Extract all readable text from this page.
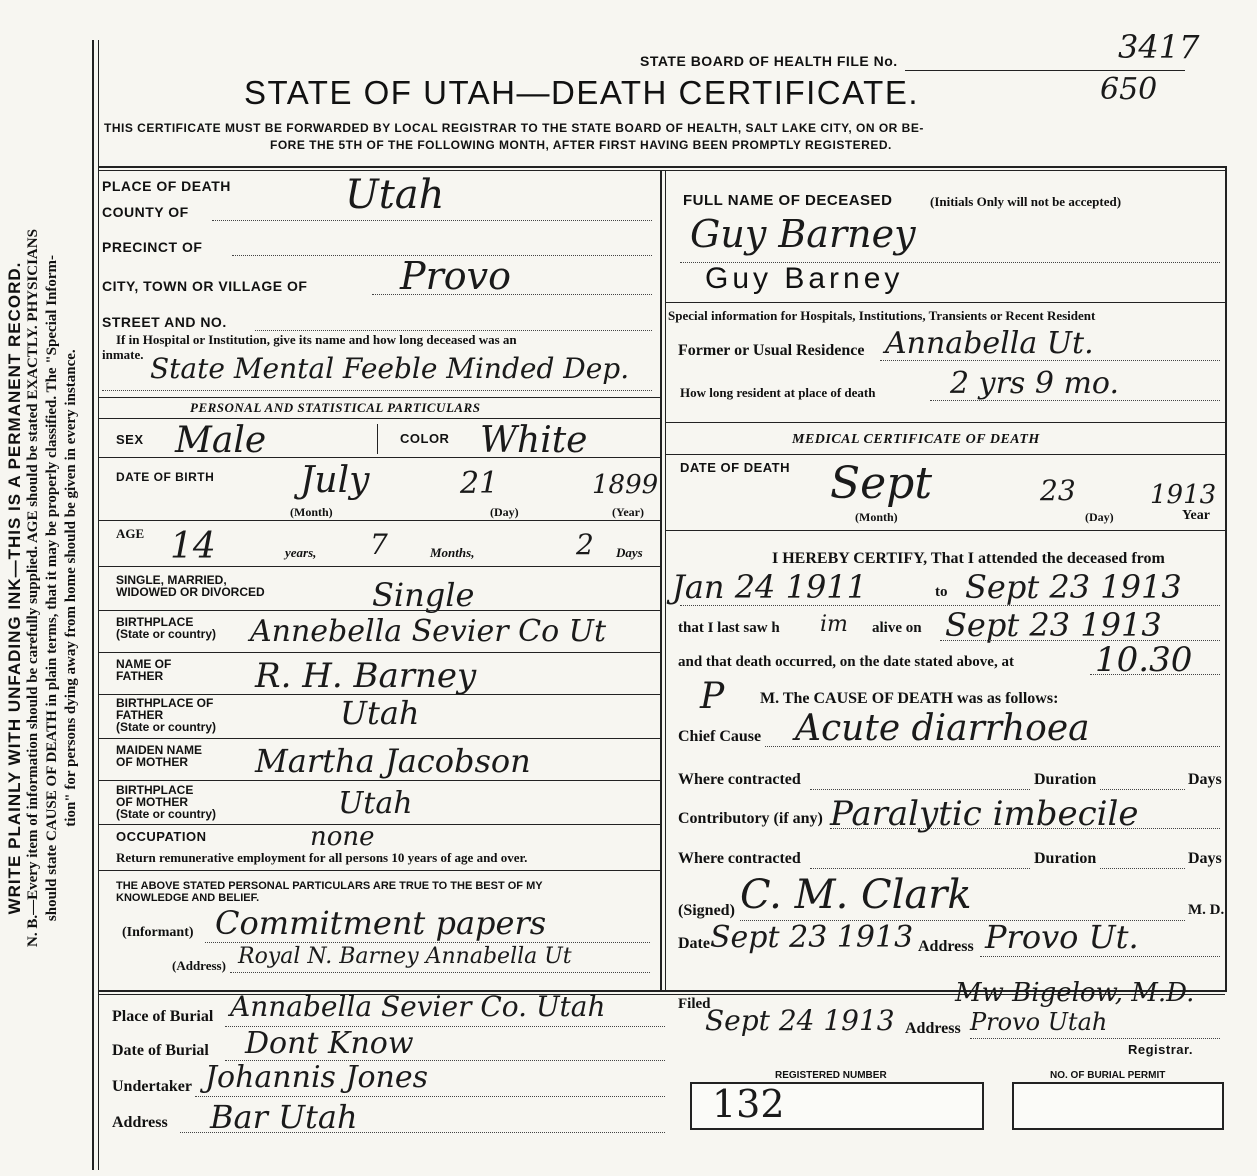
WRITE PLAINLY WITH UNFADING INK—THIS IS A PERMANENT RECORD. N. B.—Every item of information should be carefully supplied. AGE should be stated EXACTLY. PHYSICIANS should state CAUSE OF DEATH in plain terms, that it may be properly classified. The "Special Inform- tion" for persons dying away from home should be given in every instance.
STATE BOARD OF HEALTH FILE No.	3417
650
STATE OF UTAH—DEATH CERTIFICATE.
THIS CERTIFICATE MUST BE FORWARDED BY LOCAL REGISTRAR TO THE STATE BOARD OF HEALTH, SALT LAKE CITY, ON OR BE-
FORE THE 5TH OF THE FOLLOWING MONTH, AFTER FIRST HAVING BEEN PROMPTLY REGISTERED.
PLACE OF DEATH
COUNTY OF	Utah
PRECINCT OF
CITY, TOWN OR VILLAGE OF Provo
STREET AND NO.
If in Hospital or Institution, give its name and how long deceased was an
inmate. State Mental Feeble Minded Dep.
PERSONAL AND STATISTICAL PARTICULARS
SEX Male	COLOR White
DATE OF BIRTH July	21	1899
(Month)	(Day)	(Year)
AGE 14	years, 7	Months,	2 Days
SINGLE, MARRIED,
WIDOWED OR DIVORCED	Single
BIRTHPLACE
(State or country) Annebella Sevier Co Ut
NAME OF
FATHER	R. H. Barney
BIRTHPLACE OF
FATHER
(State or country)	Utah
MAIDEN NAME
OF MOTHER Martha Jacobson
BIRTHPLACE
OF MOTHER
(State or country)	Utah
OCCUPATION	none
Return remunerative employment for all persons 10 years of age and over.
THE ABOVE STATED PERSONAL PARTICULARS ARE TRUE TO THE BEST OF MY
KNOWLEDGE AND BELIEF.
(Informant) Commitment papers
(Address) Royal N. Barney Annabella Ut
Place of Burial Annabella Sevier Co. Utah
Date of Burial Dont Know
Undertaker Johannis Jones
Address Bar Utah
FULL NAME OF DECEASED	(Initials Only will not be accepted)
Guy Barney
Guy Barney
Special information for Hospitals, Institutions, Transients or Recent Resident
Former or Usual Residence Annabella Ut.
How long resident at place of death 2 yrs 9 mo.
MEDICAL CERTIFICATE OF DEATH
DATE OF DEATH Sept	23	1913
(Month)	(Day)	Year
I HEREBY CERTIFY, That I attended the deceased from
Jan 24 1911	to Sept 23 1913
that I last saw h im alive on Sept 23 1913
and that death occurred, on the date stated above, at 10.30
P M. The CAUSE OF DEATH was as follows:
Chief Cause Acute diarrhoea
Where contracted	Duration	Days
Contributory (if any) Paralytic imbecile
Where contracted	Duration	Days
(Signed) C. M. Clark	M. D.
Date Sept 23 1913 Address Provo Ut.
Filed
Sept 24 1913 Address
Mw Bigelow, M.D.
Provo Utah
Registrar.
REGISTERED NUMBER
132
NO. OF BURIAL PERMIT
